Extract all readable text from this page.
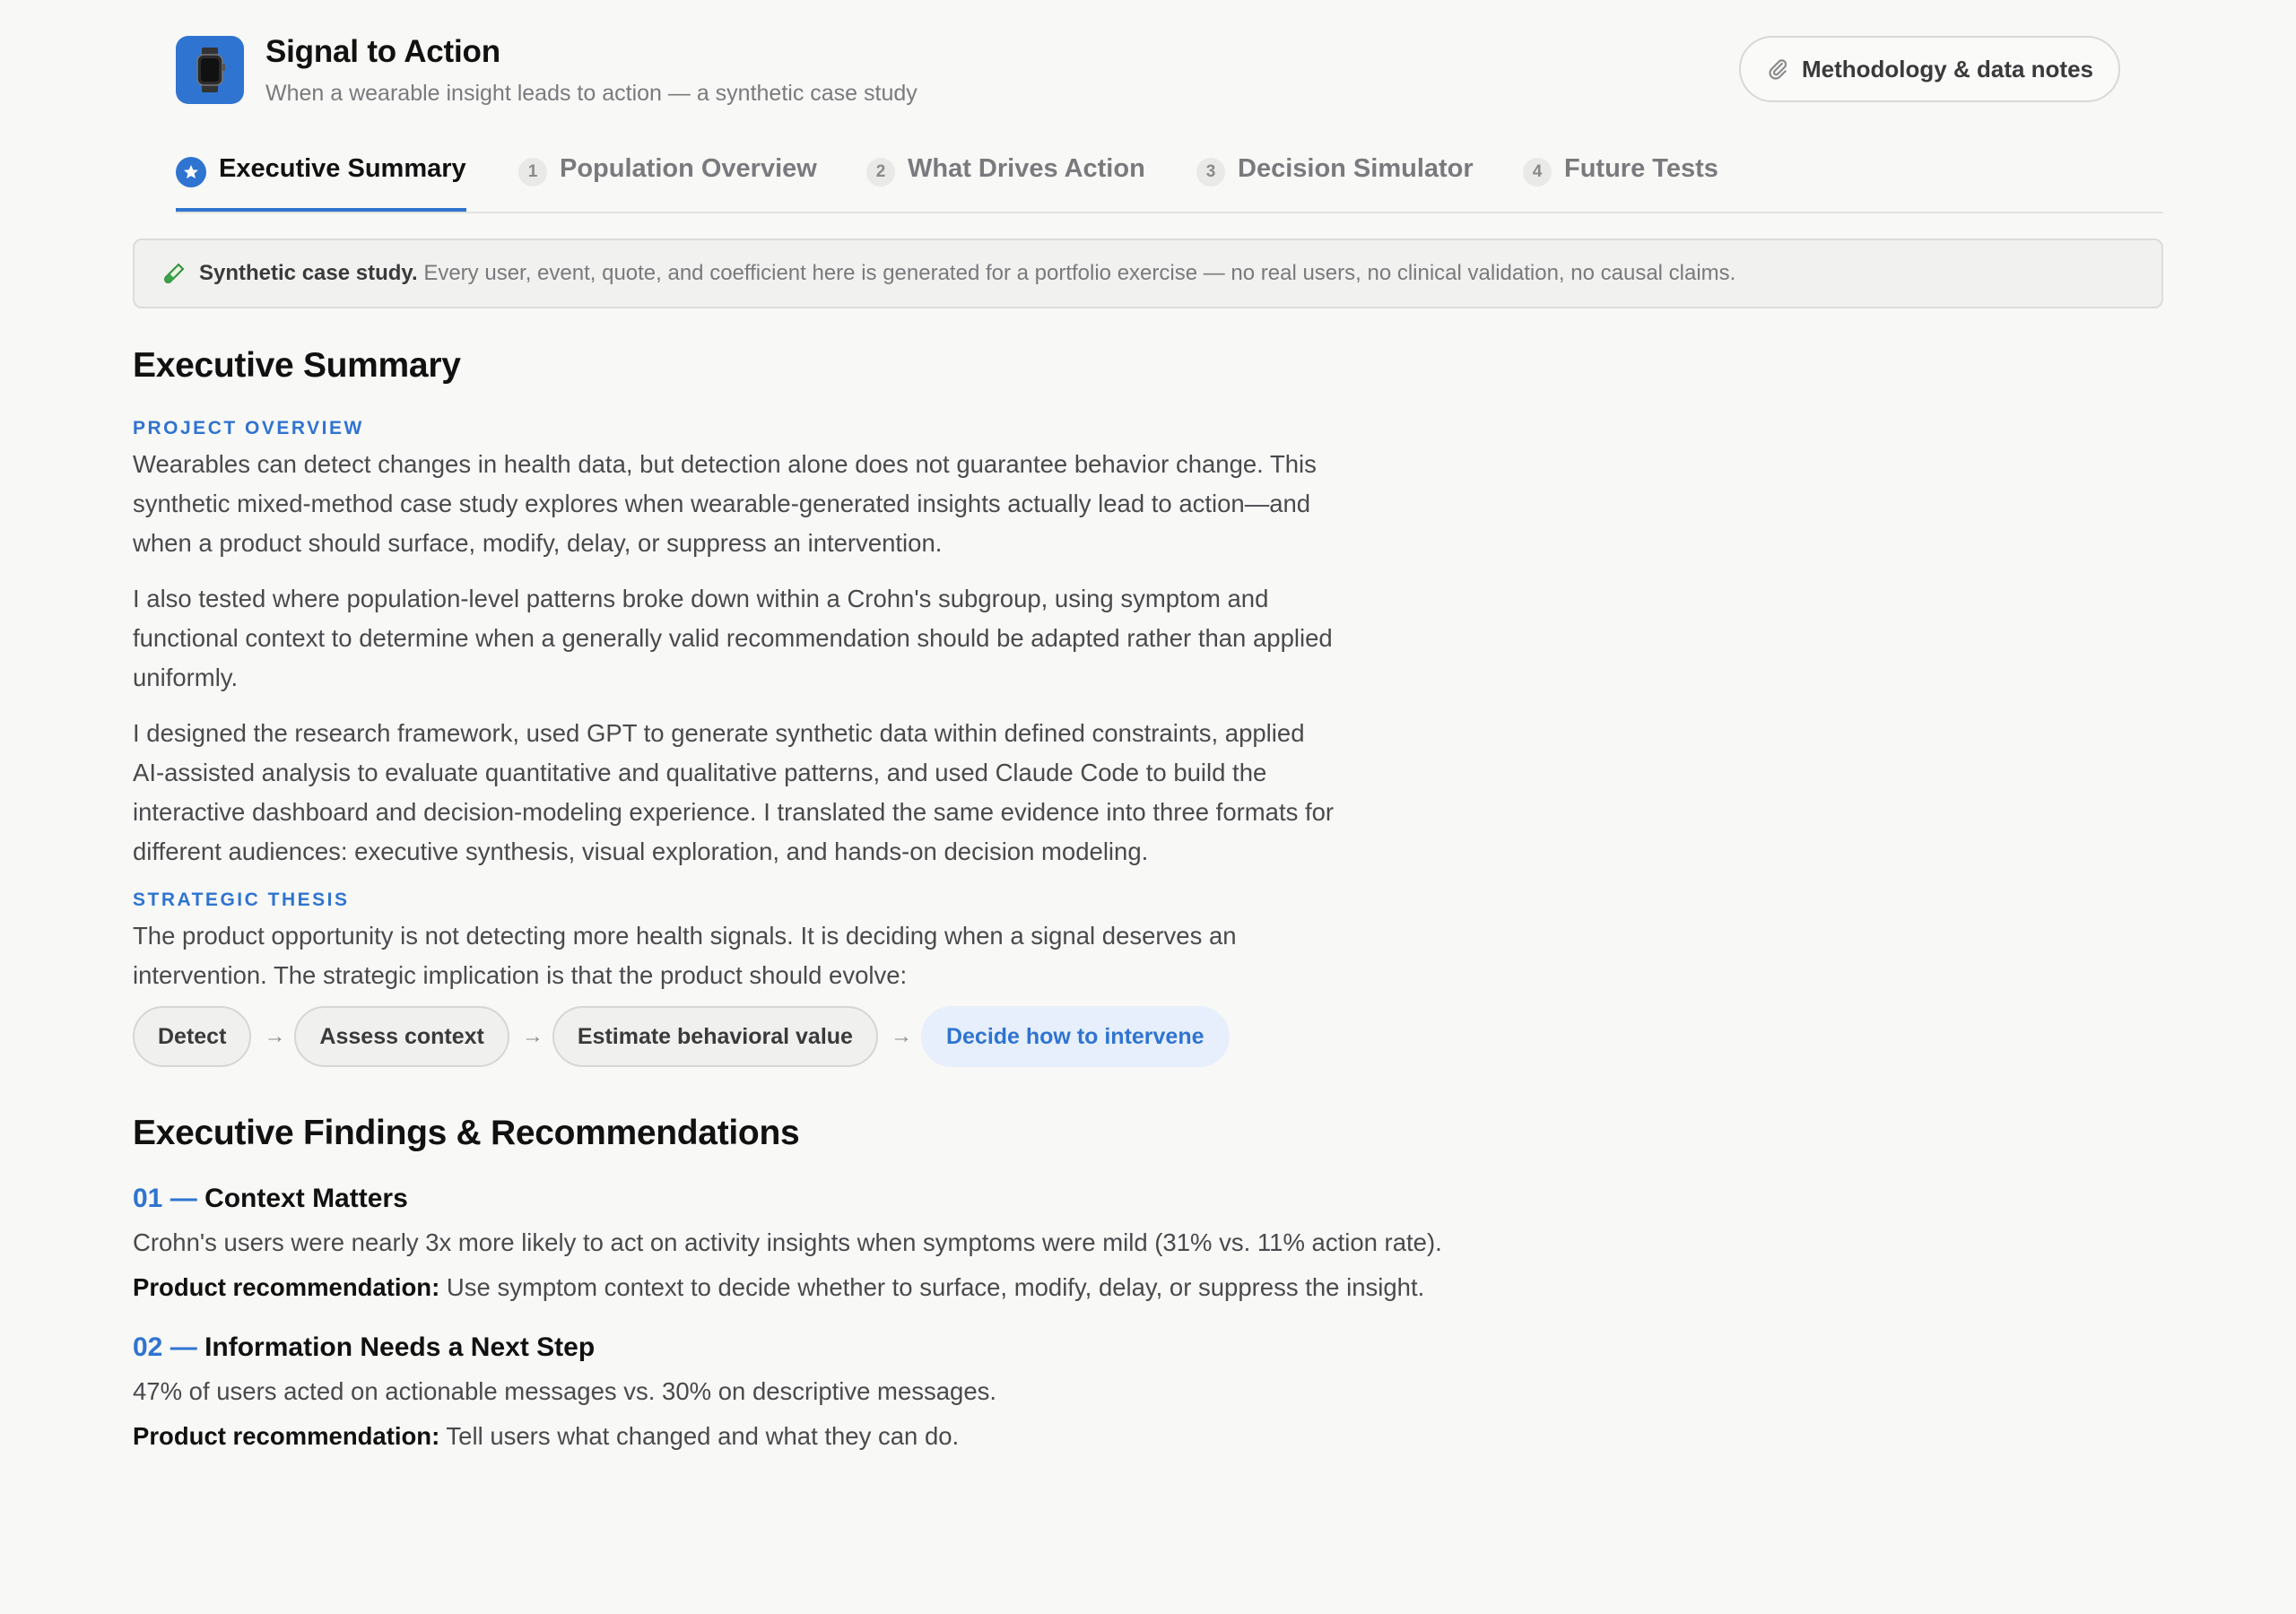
Signal to Action
When a wearable insight leads to action — a synthetic case study
Methodology & data notes
Executive Summary	1 Population Overview	2 What Drives Action	3 Decision Simulator	4 Future Tests
Synthetic case study. Every user, event, quote, and coefficient here is generated for a portfolio exercise — no real users, no clinical validation, no causal claims.
Executive Summary
PROJECT OVERVIEW

Wearables can detect changes in health data, but detection alone does not guarantee behavior change. This synthetic mixed-method case study explores when wearable-generated insights actually lead to action—and when a product should surface, modify, delay, or suppress an intervention.

I also tested where population-level patterns broke down within a Crohn's subgroup, using symptom and functional context to determine when a generally valid recommendation should be adapted rather than applied uniformly.

I designed the research framework, used GPT to generate synthetic data within defined constraints, applied AI-assisted analysis to evaluate quantitative and qualitative patterns, and used Claude Code to build the interactive dashboard and decision-modeling experience. I translated the same evidence into three formats for different audiences: executive synthesis, visual exploration, and hands-on decision modeling.

STRATEGIC THESIS

The product opportunity is not detecting more health signals. It is deciding when a signal deserves an intervention. The strategic implication is that the product should evolve:

Detect	→	Assess context	→	Estimate behavioral value	→	Decide how to intervene
Executive Findings & Recommendations
01 — Context Matters
Crohn's users were nearly 3x more likely to act on activity insights when symptoms were mild (31% vs. 11% action rate).
Product recommendation: Use symptom context to decide whether to surface, modify, delay, or suppress the insight.
02 — Information Needs a Next Step
47% of users acted on actionable messages vs. 30% on descriptive messages.
Product recommendation: Tell users what changed and what they can do.
